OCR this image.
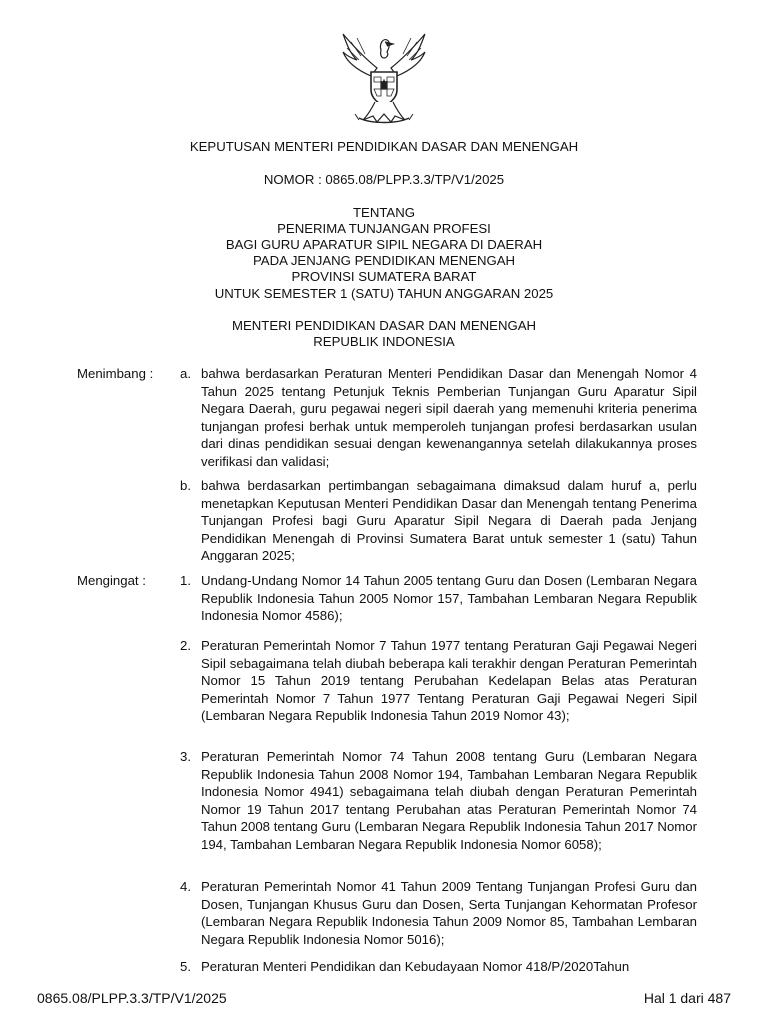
KEPUTUSAN MENTERI PENDIDIKAN DASAR DAN MENENGAH
NOMOR : 0865.08/PLPP.3.3/TP/V1/2025
TENTANG
PENERIMA TUNJANGAN PROFESI
BAGI GURU APARATUR SIPIL NEGARA DI DAERAH
PADA JENJANG PENDIDIKAN MENENGAH
PROVINSI SUMATERA BARAT
UNTUK SEMESTER 1 (SATU) TAHUN ANGGARAN 2025
MENTERI PENDIDIKAN DASAR DAN MENENGAH
REPUBLIK INDONESIA
Menimbang : a. bahwa berdasarkan Peraturan Menteri Pendidikan Dasar dan Menengah Nomor 4 Tahun 2025 tentang Petunjuk Teknis Pemberian Tunjangan Guru Aparatur Sipil Negara Daerah, guru pegawai negeri sipil daerah yang memenuhi kriteria penerima tunjangan profesi berhak untuk memperoleh tunjangan profesi berdasarkan usulan dari dinas pendidikan sesuai dengan kewenangannya setelah dilakukannya proses verifikasi dan validasi;
b. bahwa berdasarkan pertimbangan sebagaimana dimaksud dalam huruf a, perlu menetapkan Keputusan Menteri Pendidikan Dasar dan Menengah tentang Penerima Tunjangan Profesi bagi Guru Aparatur Sipil Negara di Daerah pada Jenjang Pendidikan Menengah di Provinsi Sumatera Barat untuk semester 1 (satu) Tahun Anggaran 2025;
Mengingat :	1. Undang-Undang Nomor 14 Tahun 2005 tentang Guru dan Dosen (Lembaran Negara Republik Indonesia Tahun 2005 Nomor 157, Tambahan Lembaran Negara Republik Indonesia Nomor 4586);
2. Peraturan Pemerintah Nomor 7 Tahun 1977 tentang Peraturan Gaji Pegawai Negeri Sipil sebagaimana telah diubah beberapa kali terakhir dengan Peraturan Pemerintah Nomor 15 Tahun 2019 tentang Perubahan Kedelapan Belas atas Peraturan Pemerintah Nomor 7 Tahun 1977 Tentang Peraturan Gaji Pegawai Negeri Sipil (Lembaran Negara Republik Indonesia Tahun 2019 Nomor 43);
3. Peraturan Pemerintah Nomor 74 Tahun 2008 tentang Guru (Lembaran Negara Republik Indonesia Tahun 2008 Nomor 194, Tambahan Lembaran Negara Republik Indonesia Nomor 4941) sebagaimana telah diubah dengan Peraturan Pemerintah Nomor 19 Tahun 2017 tentang Perubahan atas Peraturan Pemerintah Nomor 74 Tahun 2008 tentang Guru (Lembaran Negara Republik Indonesia Tahun 2017 Nomor 194, Tambahan Lembaran Negara Republik Indonesia Nomor 6058);
4. Peraturan Pemerintah Nomor 41 Tahun 2009 Tentang Tunjangan Profesi Guru dan Dosen, Tunjangan Khusus Guru dan Dosen, Serta Tunjangan Kehormatan Profesor (Lembaran Negara Republik Indonesia Tahun 2009 Nomor 85, Tambahan Lembaran Negara Republik Indonesia Nomor 5016);
5. Peraturan Menteri Pendidikan dan Kebudayaan Nomor 418/P/2020Tahun
0865.08/PLPP.3.3/TP/V1/2025	Hal 1 dari 487
